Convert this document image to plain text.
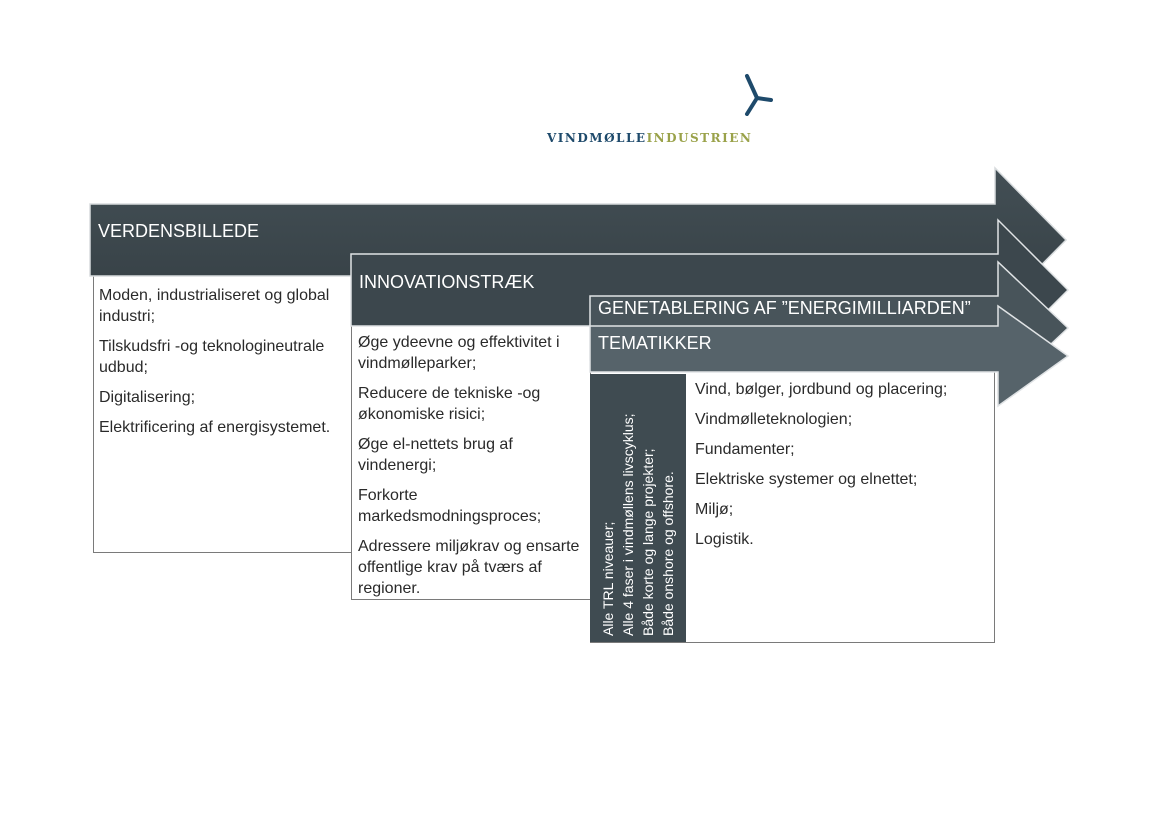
VINDMØLLEINDUSTRIEN
VERDENSBILLEDE
INNOVATIONSTRÆK
GENETABLERING AF ”ENERGIMILLIARDEN”
TEMATIKKER
Moden, industrialiseret og global industri;
Tilskudsfri -og teknologineutrale udbud;
Digitalisering;
Elektrificering af energisystemet.
Øge ydeevne og effektivitet i vindmølleparker;
Reducere de tekniske -og økonomiske risici;
Øge el-nettets brug af vindenergi;
Forkorte markedsmodningsproces;
Adressere miljøkrav og ensarte offentlige krav på tværs af regioner.	Alle TRL niveauer; Alle 4 faser i vindmøllens livscyklus; Både korte og lange projekter; Både onshore og offshore.
Vind, bølger, jordbund og placering;
Vindmølleteknologien;
Fundamenter;
Elektriske systemer og elnettet;
Miljø;
Logistik.
